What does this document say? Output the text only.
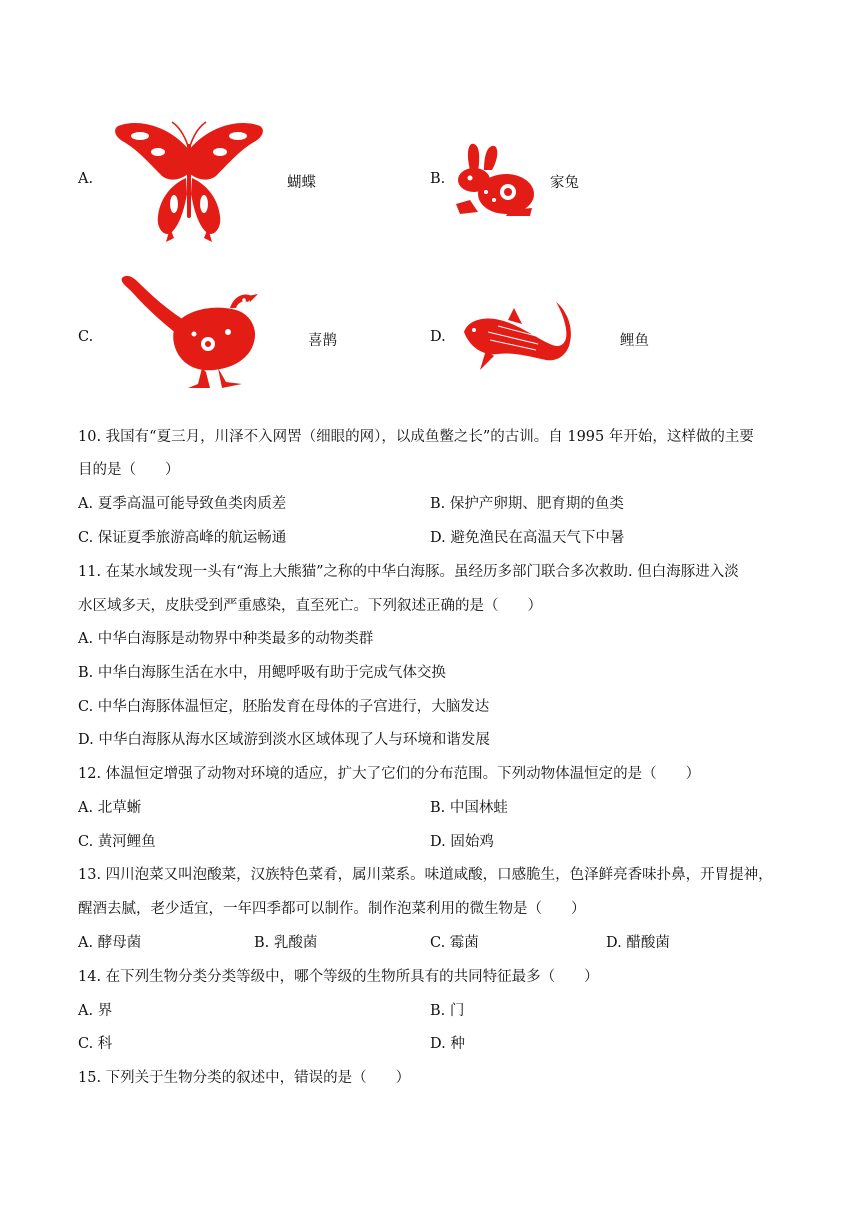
A.	蝴蝶	B.	家兔
C.	喜鹊	D.	鲤鱼
10. 我国有“夏三月，川泽不入网罟（细眼的网），以成鱼鳖之长”的古训。自 1995 年开始，这样做的主要
目的是（　　）
A. 夏季高温可能导致鱼类肉质差	B. 保护产卵期、肥育期的鱼类
C. 保证夏季旅游高峰的航运畅通	D. 避免渔民在高温天气下中暑
11. 在某水域发现一头有“海上大熊猫”之称的中华白海豚。虽经历多部门联合多次救助. 但白海豚进入淡
水区域多天，皮肤受到严重感染，直至死亡。下列叙述正确的是（　　）
A. 中华白海豚是动物界中种类最多的动物类群
B. 中华白海豚生活在水中，用鳃呼吸有助于完成气体交换
C. 中华白海豚体温恒定，胚胎发育在母体的子宫进行，大脑发达
D. 中华白海豚从海水区域游到淡水区域体现了人与环境和谐发展
12. 体温恒定增强了动物对环境的适应，扩大了它们的分布范围。下列动物体温恒定的是（　　）
A. 北草蜥	B. 中国林蛙
C. 黄河鲤鱼	D. 固始鸡
13. 四川泡菜又叫泡酸菜，汉族特色菜肴，属川菜系。味道咸酸，口感脆生，色泽鲜亮香味扑鼻，开胃提神，
醒酒去腻，老少适宜，一年四季都可以制作。制作泡菜利用的微生物是（　　）
A. 酵母菌	B. 乳酸菌	C. 霉菌	D. 醋酸菌
14. 在下列生物分类分类等级中，哪个等级的生物所具有的共同特征最多（　　）
A. 界	B. 门
C. 科	D. 种
15. 下列关于生物分类的叙述中，错误的是（　　）
